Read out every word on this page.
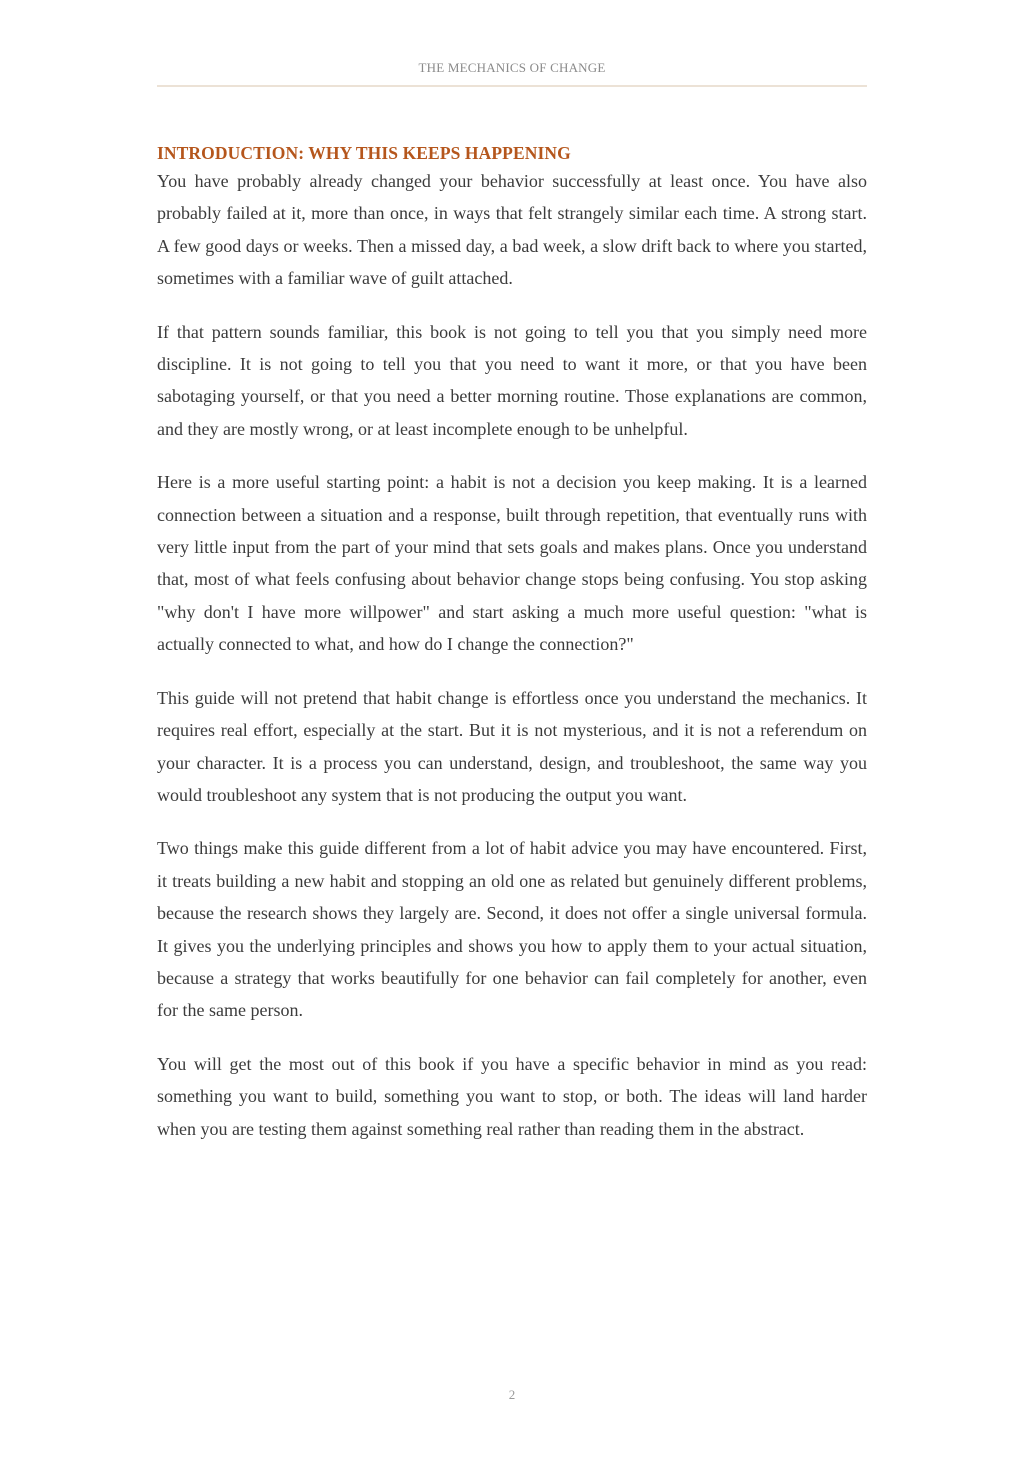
THE MECHANICS OF CHANGE
INTRODUCTION: WHY THIS KEEPS HAPPENING

You have probably already changed your behavior successfully at least once. You have also probably failed at it, more than once, in ways that felt strangely similar each time. A strong start. A few good days or weeks. Then a missed day, a bad week, a slow drift back to where you started, sometimes with a familiar wave of guilt attached.

If that pattern sounds familiar, this book is not going to tell you that you simply need more discipline. It is not going to tell you that you need to want it more, or that you have been sabotaging yourself, or that you need a better morning routine. Those explanations are common, and they are mostly wrong, or at least incomplete enough to be unhelpful.

Here is a more useful starting point: a habit is not a decision you keep making. It is a learned connection between a situation and a response, built through repetition, that eventually runs with very little input from the part of your mind that sets goals and makes plans. Once you understand that, most of what feels confusing about behavior change stops being confusing. You stop asking "why don't I have more willpower" and start asking a much more useful question: "what is actually connected to what, and how do I change the connection?"

This guide will not pretend that habit change is effortless once you understand the mechanics. It requires real effort, especially at the start. But it is not mysterious, and it is not a referendum on your character. It is a process you can understand, design, and troubleshoot, the same way you would troubleshoot any system that is not producing the output you want.

Two things make this guide different from a lot of habit advice you may have encountered. First, it treats building a new habit and stopping an old one as related but genuinely different problems, because the research shows they largely are. Second, it does not offer a single universal formula. It gives you the underlying principles and shows you how to apply them to your actual situation, because a strategy that works beautifully for one behavior can fail completely for another, even for the same person.

You will get the most out of this book if you have a specific behavior in mind as you read: something you want to build, something you want to stop, or both. The ideas will land harder when you are testing them against something real rather than reading them in the abstract.

2
